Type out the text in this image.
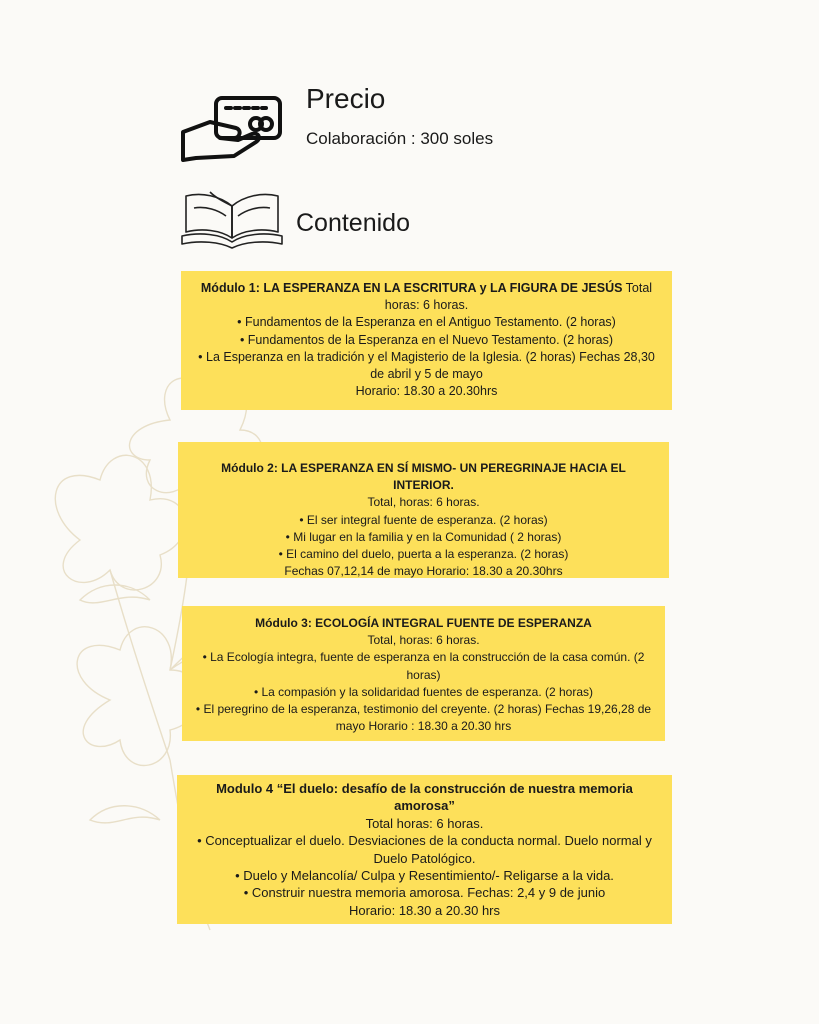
Precio
Colaboración : 300 soles
Contenido

Módulo 1: LA ESPERANZA EN LA ESCRITURA y LA FIGURA DE JESÚS Total horas: 6 horas.

• Fundamentos de la Esperanza en el Antiguo Testamento. (2 horas)

• Fundamentos de la Esperanza en el Nuevo Testamento. (2 horas)

• La Esperanza en la tradición y el Magisterio de la Iglesia. (2 horas) Fechas 28,30 de abril y 5 de mayo

Horario: 18.30 a 20.30hrs

Módulo 2: LA ESPERANZA EN SÍ MISMO- UN PEREGRINAJE HACIA EL INTERIOR.

Total, horas: 6 horas.

• El ser integral fuente de esperanza. (2 horas)

• Mi lugar en la familia y en la Comunidad ( 2 horas)

• El camino del duelo, puerta a la esperanza. (2 horas)

Fechas 07,12,14 de mayo Horario: 18.30 a 20.30hrs

Módulo 3: ECOLOGÍA INTEGRAL FUENTE DE ESPERANZA

Total, horas: 6 horas.

• La Ecología integra, fuente de esperanza en la construcción de la casa común. (2 horas)

• La compasión y la solidaridad fuentes de esperanza. (2 horas)

• El peregrino de la esperanza, testimonio del creyente. (2 horas) Fechas 19,26,28 de mayo Horario : 18.30 a 20.30 hrs

Modulo 4 “El duelo: desafío de la construcción de nuestra memoria amorosa”

Total horas: 6 horas.

• Conceptualizar el duelo. Desviaciones de la conducta normal. Duelo normal y Duelo Patológico.

• Duelo y Melancolía/ Culpa y Resentimiento/- Religarse a la vida.

• Construir nuestra memoria amorosa. Fechas: 2,4 y 9 de junio

Horario: 18.30 a 20.30 hrs
